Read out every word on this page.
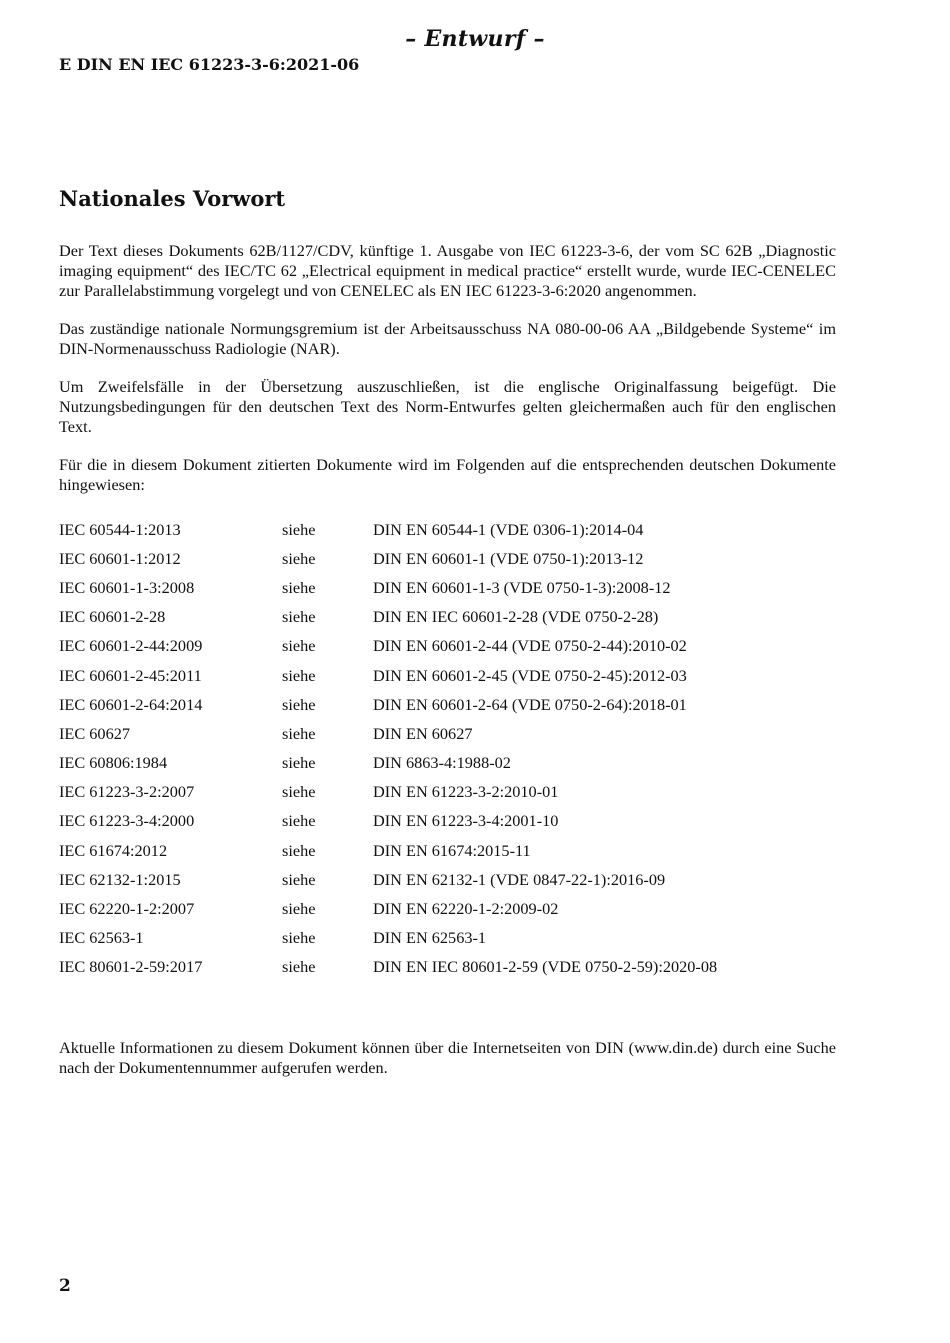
– Entwurf –
E DIN EN IEC 61223-3-6:2021-06
Nationales Vorwort

Der Text dieses Dokuments 62B/1127/CDV, künftige 1. Ausgabe von IEC 61223-3-6, der vom SC 62B „Diagnostic imaging equipment“ des IEC/TC 62 „Electrical equipment in medical practice“ erstellt wurde, wurde IEC-CENELEC zur Parallelabstimmung vorgelegt und von CENELEC als EN IEC 61223-3-6:2020 angenommen.

Das zuständige nationale Normungsgremium ist der Arbeitsausschuss NA 080-00-06 AA „Bildgebende Systeme“ im DIN-Normenausschuss Radiologie (NAR).

Um Zweifelsfälle in der Übersetzung auszuschließen, ist die englische Originalfassung beigefügt. Die Nutzungsbedingungen für den deutschen Text des Norm-Entwurfes gelten gleichermaßen auch für den englischen Text.

Für die in diesem Dokument zitierten Dokumente wird im Folgenden auf die entsprechenden deutschen Dokumente hingewiesen:

IEC 60544-1:2013	siehe	DIN EN 60544-1 (VDE 0306-1):2014-04
IEC 60601-1:2012	siehe	DIN EN 60601-1 (VDE 0750-1):2013-12
IEC 60601-1-3:2008	siehe	DIN EN 60601-1-3 (VDE 0750-1-3):2008-12
IEC 60601-2-28	siehe	DIN EN IEC 60601-2-28 (VDE 0750-2-28)
IEC 60601-2-44:2009	siehe	DIN EN 60601-2-44 (VDE 0750-2-44):2010-02
IEC 60601-2-45:2011	siehe	DIN EN 60601-2-45 (VDE 0750-2-45):2012-03
IEC 60601-2-64:2014	siehe	DIN EN 60601-2-64 (VDE 0750-2-64):2018-01
IEC 60627	siehe	DIN EN 60627
IEC 60806:1984	siehe	DIN 6863-4:1988-02
IEC 61223-3-2:2007	siehe	DIN EN 61223-3-2:2010-01
IEC 61223-3-4:2000	siehe	DIN EN 61223-3-4:2001-10
IEC 61674:2012	siehe	DIN EN 61674:2015-11
IEC 62132-1:2015	siehe	DIN EN 62132-1 (VDE 0847-22-1):2016-09
IEC 62220-1-2:2007	siehe	DIN EN 62220-1-2:2009-02
IEC 62563-1	siehe	DIN EN 62563-1
IEC 80601-2-59:2017	siehe	DIN EN IEC 80601-2-59 (VDE 0750-2-59):2020-08

Aktuelle Informationen zu diesem Dokument können über die Internetseiten von DIN (www.din.de) durch eine Suche nach der Dokumentennummer aufgerufen werden.

2
